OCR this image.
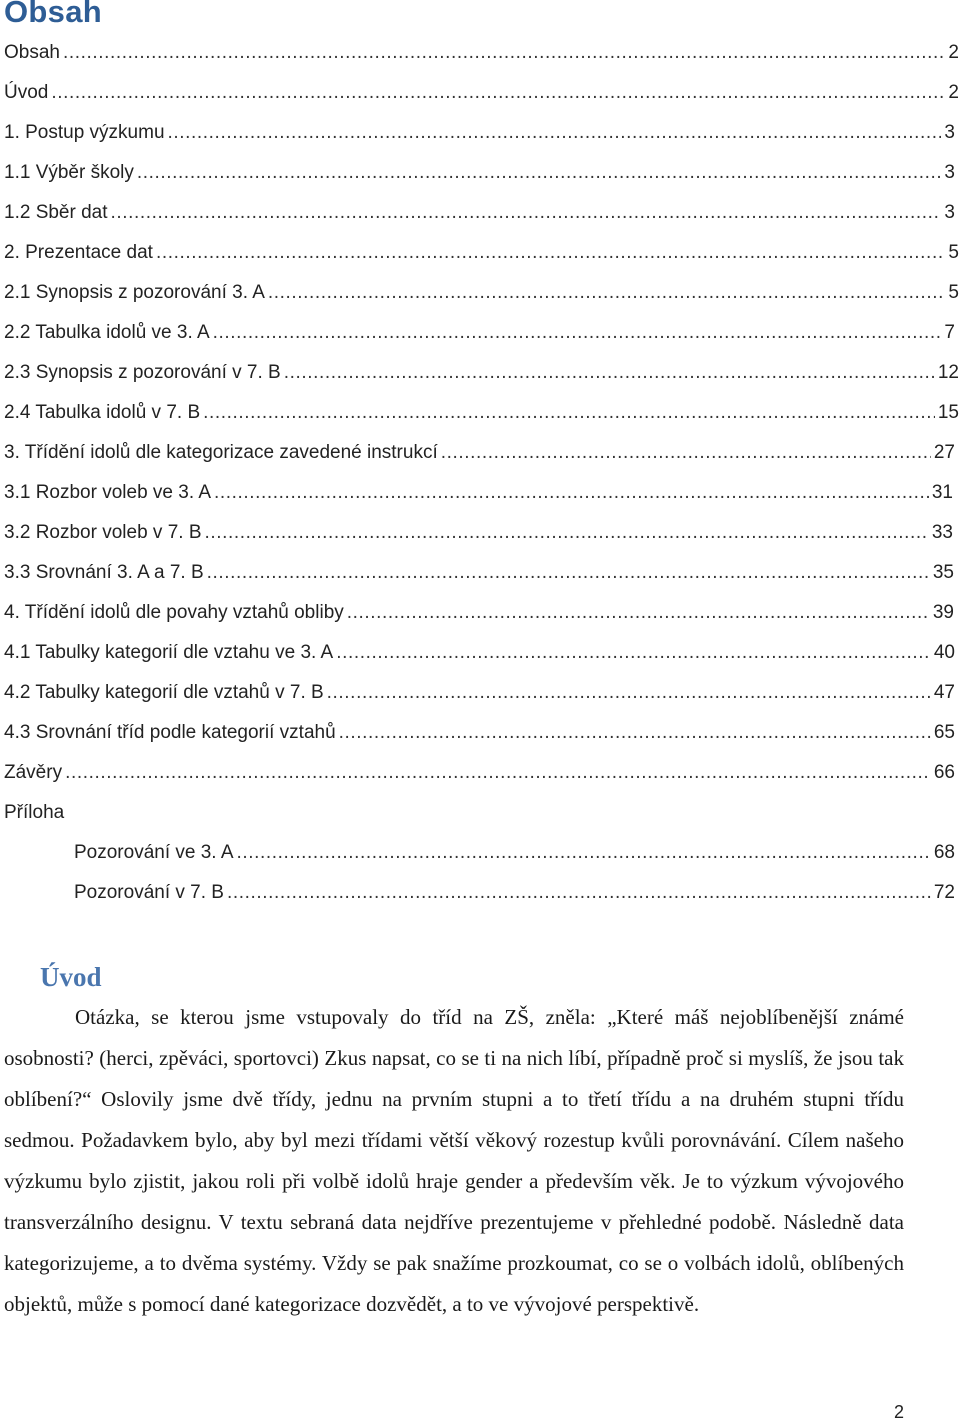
Obsah
Obsah .....	2
Úvod .....	2
1. Postup výzkumu .....	3
1.1 Výběr školy .....	3
1.2 Sběr dat .....	3
2. Prezentace dat .....	5
2.1 Synopsis z pozorování 3. A .....	5
2.2 Tabulka idolů ve 3. A .....	7
2.3 Synopsis z pozorování v 7. B .....	12
2.4 Tabulka idolů v 7. B .....	15
3. Třídění idolů dle kategorizace zavedené instrukcí .....	27
3.1 Rozbor voleb ve 3. A .....	31
3.2 Rozbor voleb v 7. B .....	33
3.3 Srovnání 3. A a 7. B .....	35
4. Třídění idolů dle povahy vztahů obliby .....	39
4.1 Tabulky kategorií dle vztahu ve 3. A .....	40
4.2 Tabulky kategorií dle vztahů v 7. B .....	47
4.3 Srovnání tříd podle kategorií vztahů .....	65
Závěry .....	66
Příloha
Pozorování ve 3. A .....	68
Pozorování v 7. B .....	72
Úvod

Otázka, se kterou jsme vstupovaly do tříd na ZŠ, zněla: „Které máš nejoblíbenější známé osobnosti? (herci, zpěváci, sportovci) Zkus napsat, co se ti na nich líbí, případně proč si myslíš, že jsou tak oblíbení?“ Oslovily jsme dvě třídy, jednu na prvním stupni a to třetí třídu a na druhém stupni třídu sedmou. Požadavkem bylo, aby byl mezi třídami větší věkový rozestup kvůli porovnávání. Cílem našeho výzkumu bylo zjistit, jakou roli při volbě idolů hraje gender a především věk. Je to výzkum vývojového transverzálního designu. V textu sebraná data nejdříve prezentujeme v přehledné podobě. Následně data kategorizujeme, a to dvěma systémy. Vždy se pak snažíme prozkoumat, co se o volbách idolů, oblíbených objektů, může s pomocí dané kategorizace dozvědět, a to ve vývojové perspektivě.

2
